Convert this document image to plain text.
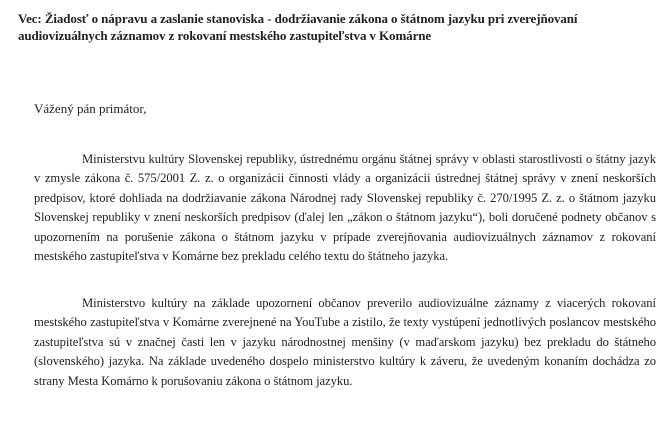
Vec: Žiadosť o nápravu a zaslanie stanoviska - dodržiavanie zákona o štátnom jazyku pri zverejňovaní audiovizuálnych záznamov z rokovaní mestského zastupiteľstva v Komárne
Vážený pán primátor,
Ministerstvu kultúry Slovenskej republiky, ústrednému orgánu štátnej správy v oblasti starostlivosti o štátny jazyk v zmysle zákona č. 575/2001 Z. z. o organizácii činnosti vlády a organizácii ústrednej štátnej správy v znení neskorších predpisov, ktoré dohliada na dodržiavanie zákona Národnej rady Slovenskej republiky č. 270/1995 Z. z. o štátnom jazyku Slovenskej republiky v znení neskorších predpisov (ďalej len „zákon o štátnom jazyku“), boli doručené podnety občanov s upozornením na porušenie zákona o štátnom jazyku v prípade zverejňovania audiovizuálnych záznamov z rokovaní mestského zastupiteľstva v Komárne bez prekladu celého textu do štátneho jazyka.
Ministerstvo kultúry na základe upozornení občanov preverilo audiovizuálne záznamy z viacerých rokovaní mestského zastupiteľstva v Komárne zverejnené na YouTube a zistilo, že texty vystúpení jednotlivých poslancov mestského zastupiteľstva sú v značnej časti len v jazyku národnostnej menšiny (v maďarskom jazyku) bez prekladu do štátneho (slovenského) jazyka. Na základe uvedeného dospelo ministerstvo kultúry k záveru, že uvedeným konaním dochádza zo strany Mesta Komárno k porušovaniu zákona o štátnom jazyku.
